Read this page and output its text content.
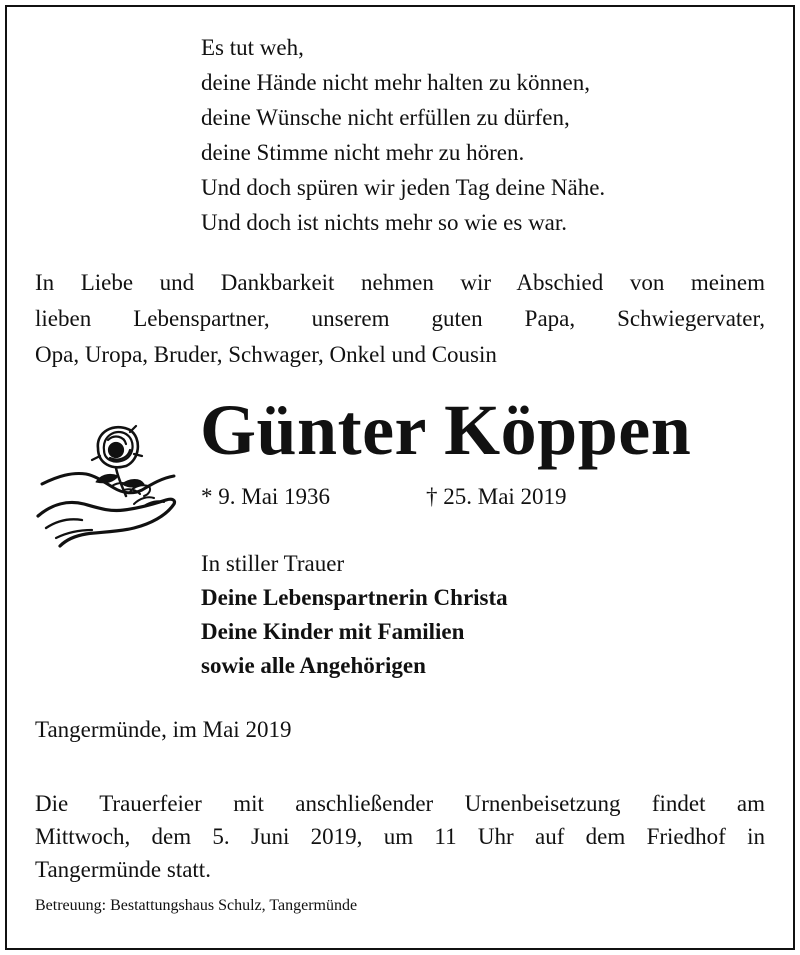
Es tut weh,
deine Hände nicht mehr halten zu können,
deine Wünsche nicht erfüllen zu dürfen,
deine Stimme nicht mehr zu hören.
Und doch spüren wir jeden Tag deine Nähe.
Und doch ist nichts mehr so wie es war.
In Liebe und Dankbarkeit nehmen wir Abschied von meinem
lieben Lebenspartner, unserem guten Papa, Schwiegervater,
Opa, Uropa, Bruder, Schwager, Onkel und Cousin
Günter Köppen
* 9. Mai 1936	† 25. Mai 2019
In stiller Trauer
Deine Lebenspartnerin Christa
Deine Kinder mit Familien
sowie alle Angehörigen
Tangermünde, im Mai 2019
Die Trauerfeier mit anschließender Urnenbeisetzung findet am
Mittwoch, dem 5. Juni 2019, um 11 Uhr auf dem Friedhof in
Tangermünde statt.
Betreuung: Bestattungshaus Schulz, Tangermünde
